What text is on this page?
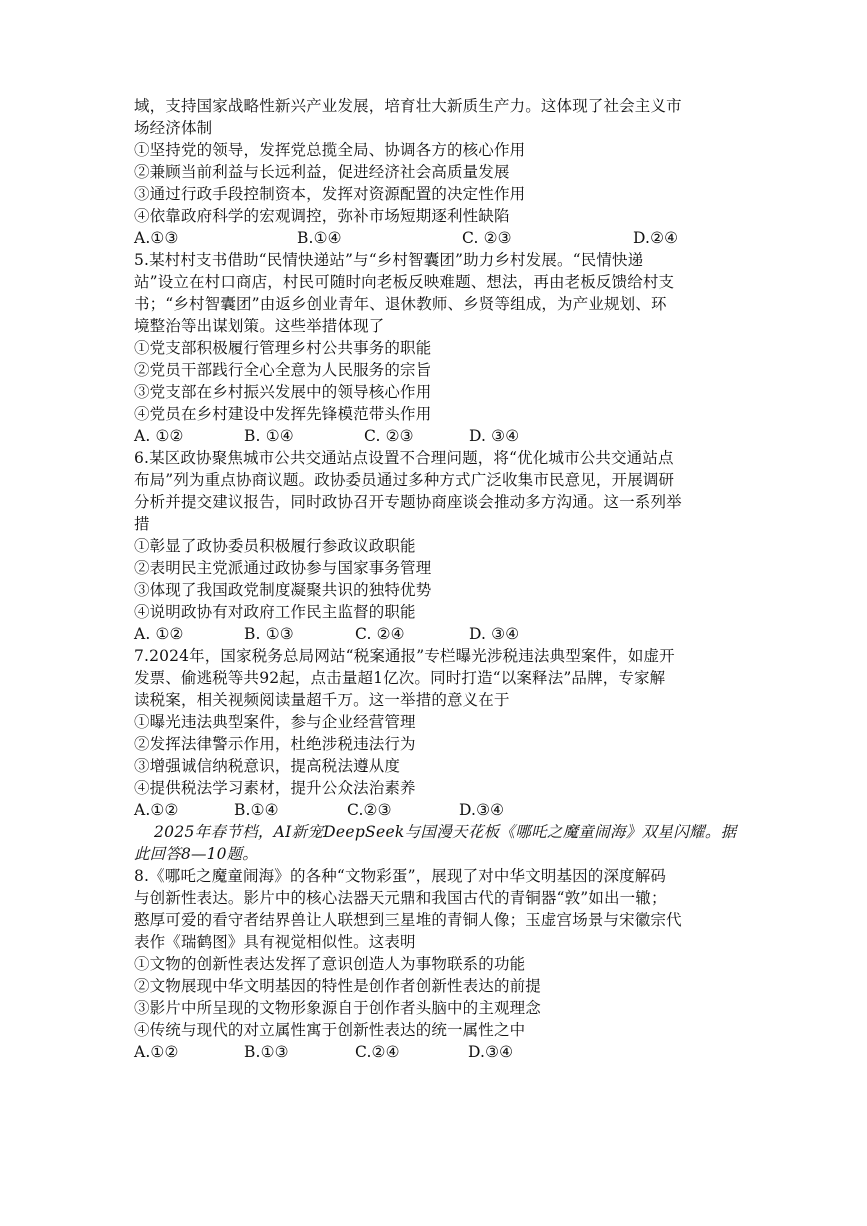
域，支持国家战略性新兴产业发展，培育壮大新质生产力。这体现了社会主义市
场经济体制
①坚持党的领导，发挥党总揽全局、协调各方的核心作用
②兼顾当前利益与长远利益，促进经济社会高质量发展
③通过行政手段控制资本，发挥对资源配置的决定性作用
④依靠政府科学的宏观调控，弥补市场短期逐利性缺陷
A.①③	B.①④	C. ②③	D.②④
5.某村村支书借助“民情快递站”与“乡村智囊团”助力乡村发展。“民情快递
站”设立在村口商店，村民可随时向老板反映难题、想法，再由老板反馈给村支
书；“乡村智囊团”由返乡创业青年、退休教师、乡贤等组成，为产业规划、环
境整治等出谋划策。这些举措体现了
①党支部积极履行管理乡村公共事务的职能
②党员干部践行全心全意为人民服务的宗旨
③党支部在乡村振兴发展中的领导核心作用
④党员在乡村建设中发挥先锋模范带头作用
A. ①②	B. ①④	C. ②③	D. ③④
6.某区政协聚焦城市公共交通站点设置不合理问题，将“优化城市公共交通站点
布局”列为重点协商议题。政协委员通过多种方式广泛收集市民意见，开展调研
分析并提交建议报告，同时政协召开专题协商座谈会推动多方沟通。这一系列举
措
①彰显了政协委员积极履行参政议政职能
②表明民主党派通过政协参与国家事务管理
③体现了我国政党制度凝聚共识的独特优势
④说明政协有对政府工作民主监督的职能
A. ①②	B. ①③	C. ②④	D. ③④
7.2024年，国家税务总局网站“税案通报”专栏曝光涉税违法典型案件，如虚开
发票、偷逃税等共92起，点击量超1亿次。同时打造“以案释法”品牌，专家解
读税案，相关视频阅读量超千万。这一举措的意义在于
①曝光违法典型案件，参与企业经营管理
②发挥法律警示作用，杜绝涉税违法行为
③增强诚信纳税意识，提高税法遵从度
④提供税法学习素材，提升公众法治素养
A.①②	B.①④	C.②③	D.③④
2025年春节档，AI新宠DeepSeek与国漫天花板《哪吒之魔童闹海》双星闪耀。据
此回答8—10题。
8.《哪吒之魔童闹海》的各种“文物彩蛋”，展现了对中华文明基因的深度解码
与创新性表达。影片中的核心法器天元鼎和我国古代的青铜器“敦”如出一辙；
憨厚可爱的看守者结界兽让人联想到三星堆的青铜人像；玉虚宫场景与宋徽宗代
表作《瑞鹤图》具有视觉相似性。这表明
①文物的创新性表达发挥了意识创造人为事物联系的功能
②文物展现中华文明基因的特性是创作者创新性表达的前提
③影片中所呈现的文物形象源自于创作者头脑中的主观理念
④传统与现代的对立属性寓于创新性表达的统一属性之中
A.①②	B.①③	C.②④	D.③④
